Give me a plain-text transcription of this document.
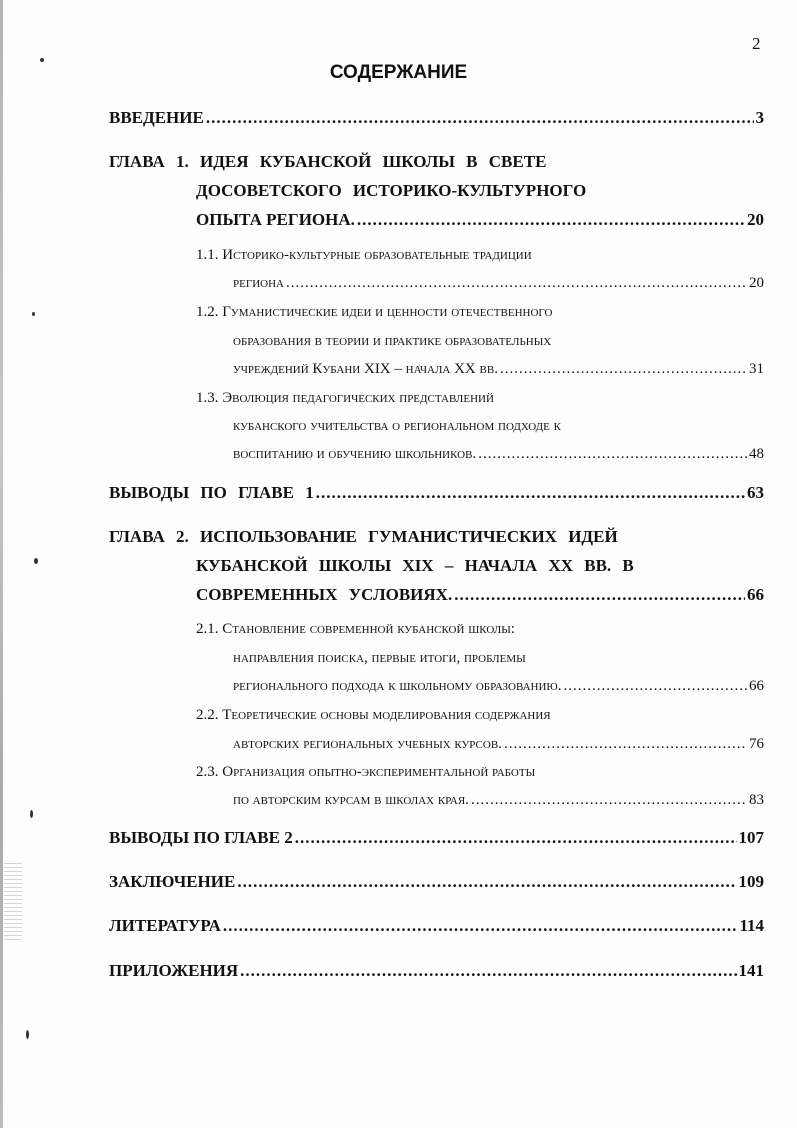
2
СОДЕРЖАНИЕ
ВВЕДЕНИЕ .....	3
ГЛАВА 1. ИДЕЯ КУБАНСКОЙ ШКОЛЫ В СВЕТЕ
ДОСОВЕТСКОГО ИСТОРИКО-КУЛЬТУРНОГО
ОПЫТА РЕГИОНА. .....	20
1.1. Историко-культурные образовательные традиции
региона .....	20
1.2. Гуманистические идеи и ценности отечественного
образования в теории и практике образовательных
учреждений Кубани XIX – начала XX вв. .....	31
1.3. Эволюция педагогических представлений
кубанского учительства о региональном подходе к
воспитанию и обучению школьников. .....	48
ВЫВОДЫ ПО ГЛАВЕ 1 .....	63
ГЛАВА 2. ИСПОЛЬЗОВАНИЕ ГУМАНИСТИЧЕСКИХ ИДЕЙ
КУБАНСКОЙ ШКОЛЫ XIX – НАЧАЛА XX ВВ. В
СОВРЕМЕННЫХ УСЛОВИЯХ. .....	66
2.1. Становление современной кубанской школы:
направления поиска, первые итоги, проблемы
регионального подхода к школьному образованию. .....	66
2.2. Теоретические основы моделирования содержания
авторских региональных учебных курсов. .....	76
2.3. Организация опытно-экспериментальной работы
по авторским курсам в школах края. .....	83
ВЫВОДЫ ПО ГЛАВЕ 2 .....	107
ЗАКЛЮЧЕНИЕ .....	109
ЛИТЕРАТУРА .....	114
ПРИЛОЖЕНИЯ .....	141
